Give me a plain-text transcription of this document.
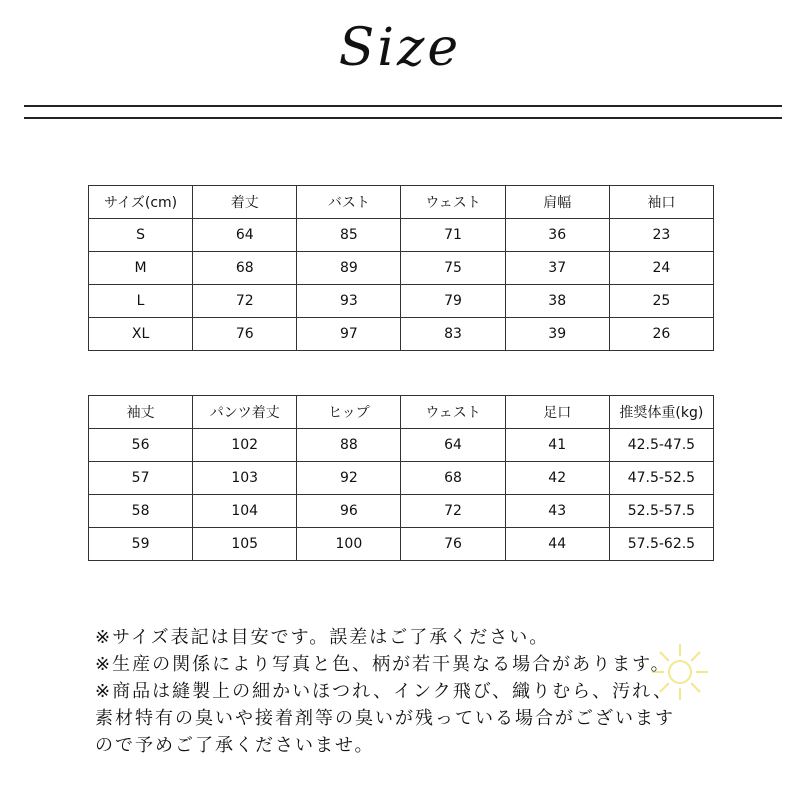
Size
サイズ(cm)	着丈	バスト	ウェスト	肩幅	袖口
S	64	85	71	36	23
M	68	89	75	37	24
L	72	93	79	38	25
XL	76	97	83	39	26
袖丈	パンツ着丈	ヒップ	ウェスト	足口	推奨体重(kg)
56	102	88	64	41	42.5-47.5
57	103	92	68	42	47.5-52.5
58	104	96	72	43	52.5-57.5
59	105	100	76	44	57.5-62.5
※サイズ表記は目安です。誤差はご了承ください。
※生産の関係により写真と色、柄が若干異なる場合があります。
※商品は縫製上の細かいほつれ、インク飛び、織りむら、汚れ、
素材特有の臭いや接着剤等の臭いが残っている場合がございます
ので予めご了承くださいませ。
